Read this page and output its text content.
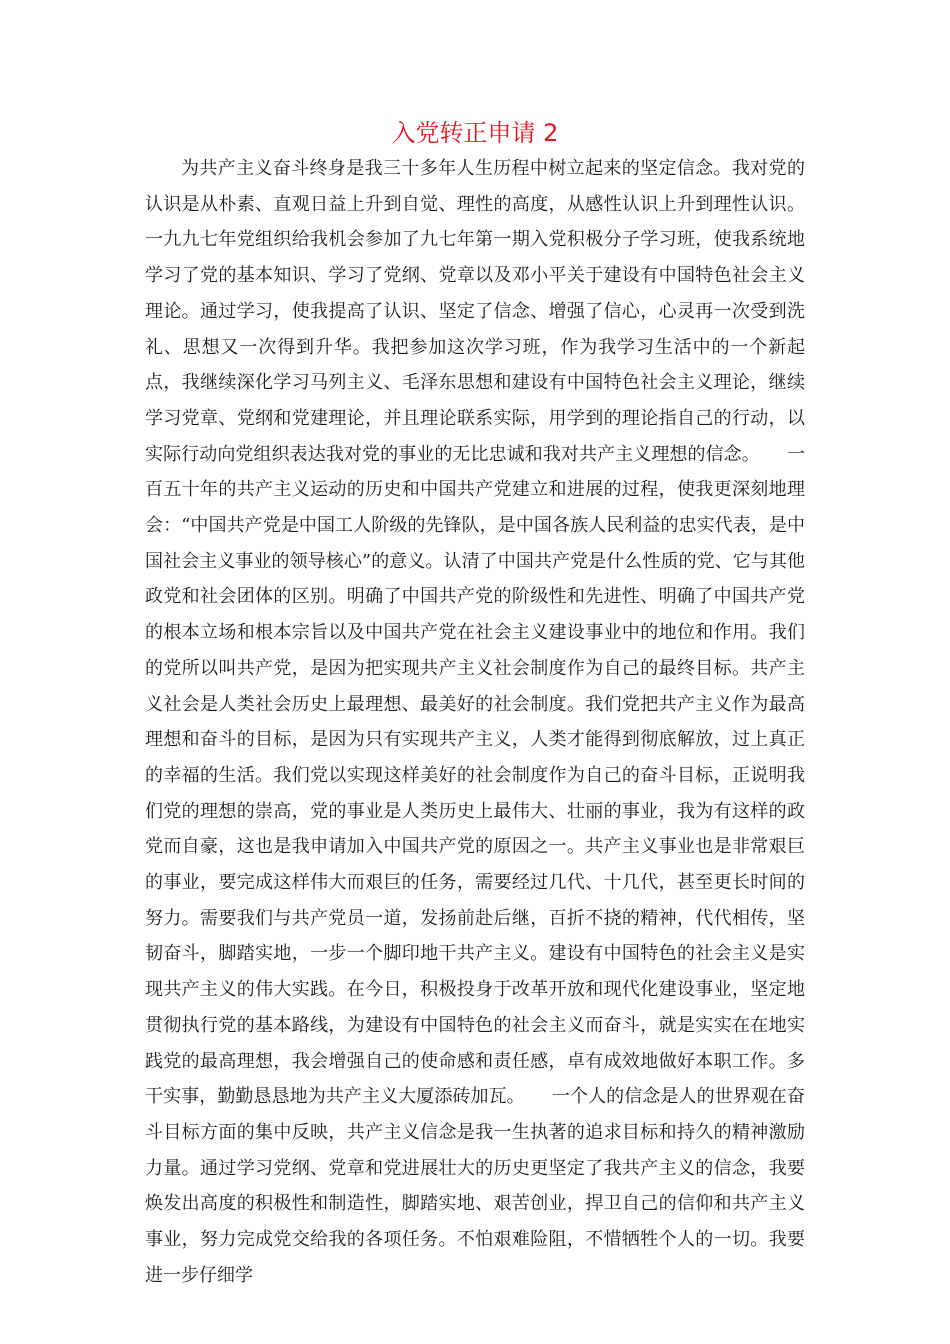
入党转正申请 2

为共产主义奋斗终身是我三十多年人生历程中树立起来的坚定信念。我对党的认识是从朴素、直观日益上升到自觉、理性的高度，从感性认识上升到理性认识。一九九七年党组织给我机会参加了九七年第一期入党积极分子学习班，使我系统地学习了党的基本知识、学习了党纲、党章以及邓小平关于建设有中国特色社会主义理论。通过学习，使我提高了认识、坚定了信念、增强了信心，心灵再一次受到洗礼、思想又一次得到升华。我把参加这次学习班，作为我学习生活中的一个新起点，我继续深化学习马列主义、毛泽东思想和建设有中国特色社会主义理论，继续学习党章、党纲和党建理论，并且理论联系实际，用学到的理论指自己的行动，以实际行动向党组织表达我对党的事业的无比忠诚和我对共产主义理想的信念。　　一百五十年的共产主义运动的历史和中国共产党建立和进展的过程，使我更深刻地理会：“中国共产党是中国工人阶级的先锋队，是中国各族人民利益的忠实代表，是中国社会主义事业的领导核心”的意义。认清了中国共产党是什么性质的党、它与其他政党和社会团体的区别。明确了中国共产党的阶级性和先进性、明确了中国共产党的根本立场和根本宗旨以及中国共产党在社会主义建设事业中的地位和作用。我们的党所以叫共产党，是因为把实现共产主义社会制度作为自己的最终目标。共产主义社会是人类社会历史上最理想、最美好的社会制度。我们党把共产主义作为最高理想和奋斗的目标，是因为只有实现共产主义，人类才能得到彻底解放，过上真正的幸福的生活。我们党以实现这样美好的社会制度作为自己的奋斗目标，正说明我们党的理想的崇高，党的事业是人类历史上最伟大、壮丽的事业，我为有这样的政党而自豪，这也是我申请加入中国共产党的原因之一。共产主义事业也是非常艰巨的事业，要完成这样伟大而艰巨的任务，需要经过几代、十几代，甚至更长时间的努力。需要我们与共产党员一道，发扬前赴后继，百折不挠的精神，代代相传，坚韧奋斗，脚踏实地，一步一个脚印地干共产主义。建设有中国特色的社会主义是实现共产主义的伟大实践。在今日，积极投身于改革开放和现代化建设事业，坚定地贯彻执行党的基本路线，为建设有中国特色的社会主义而奋斗，就是实实在在地实践党的最高理想，我会增强自己的使命感和责任感，卓有成效地做好本职工作。多干实事，勤勤恳恳地为共产主义大厦添砖加瓦。　　一个人的信念是人的世界观在奋斗目标方面的集中反映，共产主义信念是我一生执著的追求目标和持久的精神激励力量。通过学习党纲、党章和党进展壮大的历史更坚定了我共产主义的信念，我要焕发出高度的积极性和制造性，脚踏实地、艰苦创业，捍卫自己的信仰和共产主义事业，努力完成党交给我的各项任务。不怕艰难险阻，不惜牺牲个人的一切。我要进一步仔细学
